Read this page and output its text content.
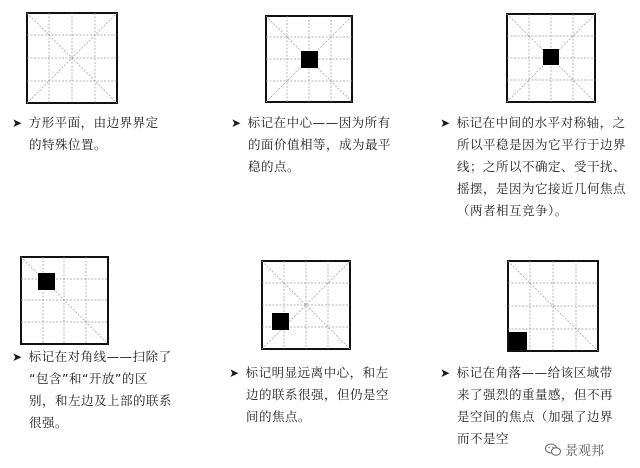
➤ 方形平面，由边界界定
的特殊位置。
➤ 标记在中心——因为所有
的面价值相等，成为最平
稳的点。
➤ 标记在中间的水平对称轴，之
所以平稳是因为它平行于边界
线；之所以不确定、受干扰、
摇摆，是因为它接近几何焦点
（两者相互竞争）。
➤ 标记在对角线——扫除了
“包含”和“开放”的区
别，和左边及上部的联系
很强。
➤ 标记明显远离中心，和左
边的联系很强，但仍是空
间的焦点。
➤ 标记在角落——给该区域带
来了强烈的重量感，但不再
是空间的焦点（加强了边界
而不是空
景观邦
